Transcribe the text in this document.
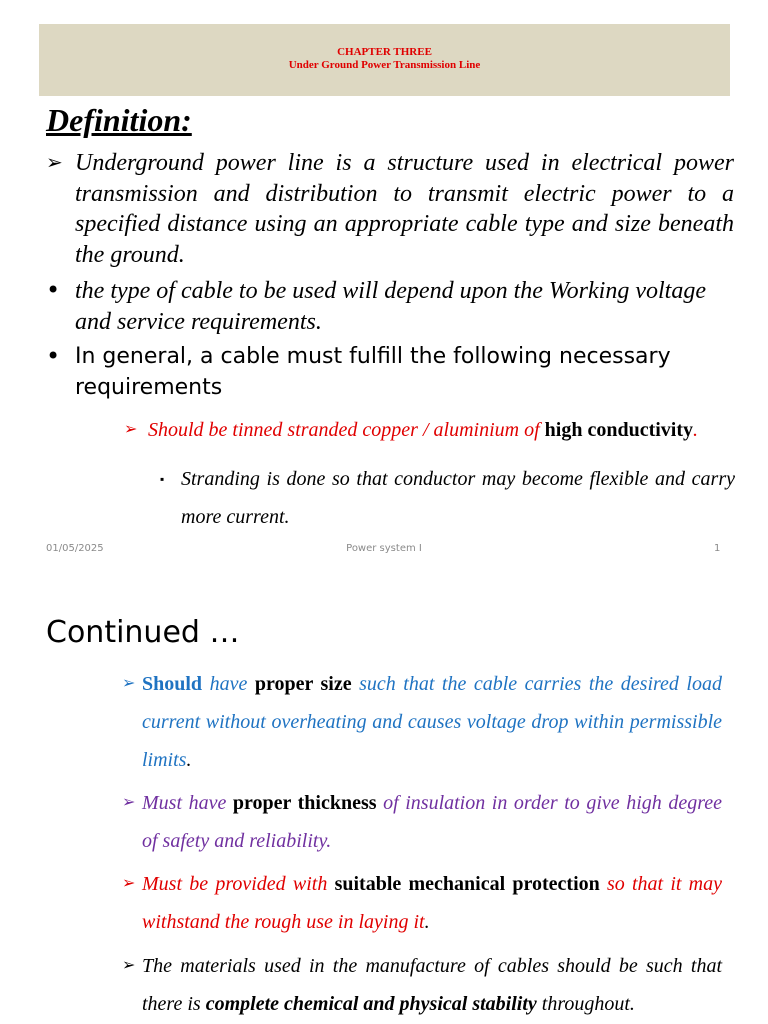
CHAPTER THREE
Under Ground Power Transmission Line
Definition:
➢ Underground power line is a structure used in electrical power transmission and distribution to transmit electric power to a specified distance using an appropriate cable type and size beneath the ground.
• the type of cable to be used will depend upon the Working voltage and service requirements.
• In general, a cable must fulfill the following necessary requirements
➢ Should be tinned stranded copper / aluminium of high conductivity.
▪ Stranding is done so that conductor may become flexible and carry more current.
01/05/2025	Power system I	1
Continued …
➢ Should have proper size such that the cable carries the desired load current without overheating and causes voltage drop within permissible limits.
➢ Must have proper thickness of insulation in order to give high degree of safety and reliability.
➢ Must be provided with suitable mechanical protection so that it may withstand the rough use in laying it.
➢ The materials used in the manufacture of cables should be such that there is complete chemical and physical stability throughout.
